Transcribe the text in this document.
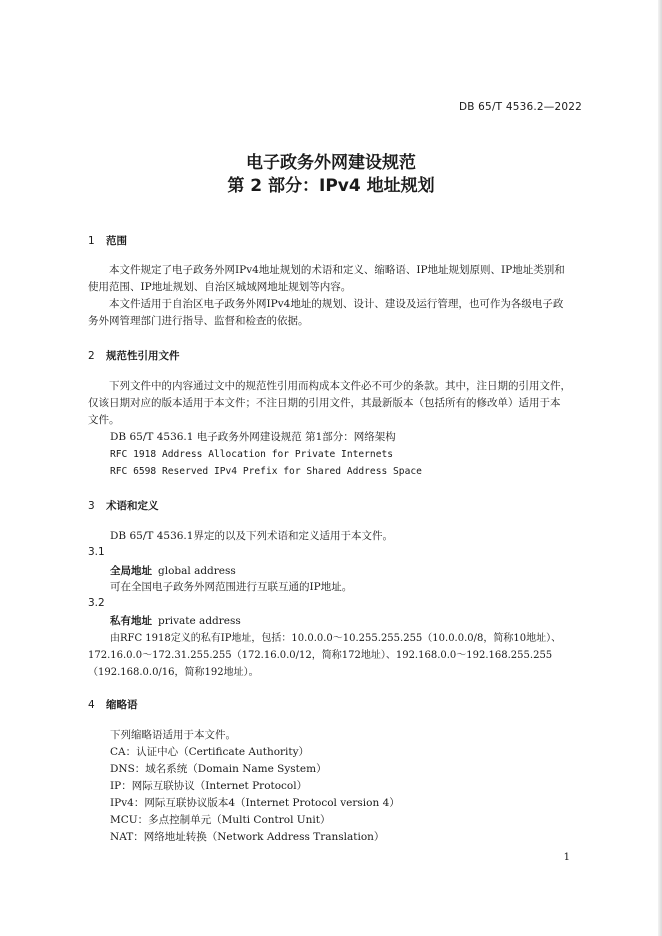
DB 65/T 4536.2—2022
电子政务外网建设规范
第 2 部分：IPv4 地址规划
1 范围
本文件规定了电子政务外网IPv4地址规划的术语和定义、缩略语、IP地址规划原则、IP地址类别和
使用范围、IP地址规划、自治区城域网地址规划等内容。
本文件适用于自治区电子政务外网IPv4地址的规划、设计、建设及运行管理，也可作为各级电子政
务外网管理部门进行指导、监督和检查的依据。
2 规范性引用文件
下列文件中的内容通过文中的规范性引用而构成本文件必不可少的条款。其中，注日期的引用文件，
仅该日期对应的版本适用于本文件；不注日期的引用文件，其最新版本（包括所有的修改单）适用于本
文件。
DB 65/T 4536.1 电子政务外网建设规范 第1部分：网络架构
RFC 1918 Address Allocation for Private Internets
RFC 6598 Reserved IPv4 Prefix for Shared Address Space
3 术语和定义
DB 65/T 4536.1界定的以及下列术语和定义适用于本文件。
3.1
全局地址 global address
可在全国电子政务外网范围进行互联互通的IP地址。
3.2
私有地址 private address
由RFC 1918定义的私有IP地址，包括：10.0.0.0～10.255.255.255（10.0.0.0/8，简称10地址）、
172.16.0.0～172.31.255.255（172.16.0.0/12，简称172地址）、192.168.0.0～192.168.255.255
（192.168.0.0/16，简称192地址）。
4 缩略语
下列缩略语适用于本文件。
CA：认证中心（Certificate Authority）
DNS：域名系统（Domain Name System）
IP：网际互联协议（Internet Protocol）
IPv4：网际互联协议版本4（Internet Protocol version 4）
MCU：多点控制单元（Multi Control Unit）
NAT：网络地址转换（Network Address Translation）
1
